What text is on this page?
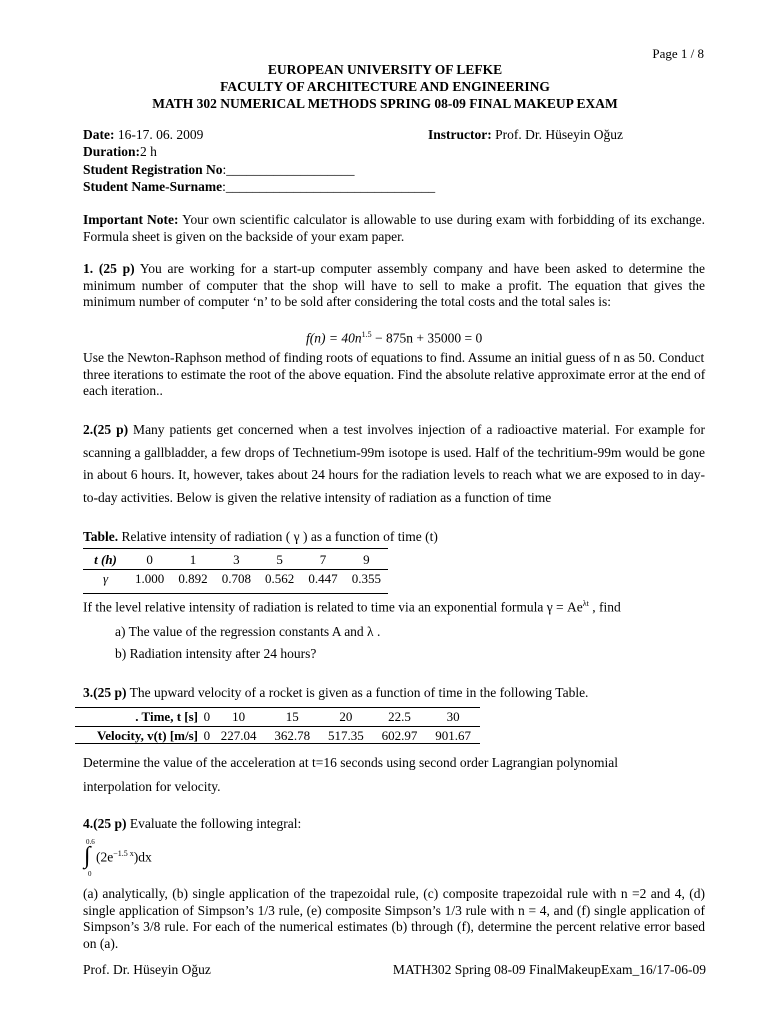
Page 1 / 8
EUROPEAN UNIVERSITY OF LEFKE
FACULTY OF ARCHITECTURE AND ENGINEERING
MATH 302 NUMERICAL METHODS SPRING 08-09 FINAL MAKEUP EXAM
Date: 16-17. 06. 2009	Instructor: Prof. Dr. Hüseyin Oğuz
Duration:2 h
Student Registration No:___________________
Student Name-Surname:_______________________________
Important Note: Your own scientific calculator is allowable to use during exam with forbidding of its exchange. Formula sheet is given on the backside of your exam paper.
1. (25 p) You are working for a start-up computer assembly company and have been asked to determine the minimum number of computer that the shop will have to sell to make a profit. The equation that gives the minimum number of computer ‘n’ to be sold after considering the total costs and the total sales is:
$f(n) = 40n^{1.5} - 875n + 35000 = 0$
Use the Newton-Raphson method of finding roots of equations to find. Assume an initial guess of n as 50. Conduct three iterations to estimate the root of the above equation. Find the absolute relative approximate error at the end of each iteration..
2.(25 p) Many patients get concerned when a test involves injection of a radioactive material. For example for scanning a gallbladder, a few drops of Technetium-99m isotope is used. Half of the techritium-99m would be gone in about 6 hours. It, however, takes about 24 hours for the radiation levels to reach what we are exposed to in day-to-day activities. Below is given the relative intensity of radiation as a function of time
Table. Relative intensity of radiation ( γ ) as a function of time (t)
t (h)	0	1	3	5	7	9
γ	1.000	0.892	0.708	0.562	0.447	0.355
If the level relative intensity of radiation is related to time via an exponential formula $\gamma = Ae^{\lambda t}$ , find
a) The value of the regression constants A and λ .
b) Radiation intensity after 24 hours?
3.(25 p) The upward velocity of a rocket is given as a function of time in the following Table.
. Time, t [s]	0	10	15	20	22.5	30
Velocity, v(t) [m/s]	0	227.04	362.78	517.35	602.97	901.67
Determine the value of the acceleration at t=16 seconds using second order Lagrangian polynomial interpolation for velocity.
4.(25 p) Evaluate the following integral:
0.6
∫
0
$(2e^{-1.5 x})dx$
(a) analytically, (b) single application of the trapezoidal rule, (c) composite trapezoidal rule with n =2 and 4, (d) single application of Simpson’s 1/3 rule, (e) composite Simpson’s 1/3 rule with n = 4, and (f) single application of Simpson’s 3/8 rule. For each of the numerical estimates (b) through (f), determine the percent relative error based on (a).
Prof. Dr. Hüseyin Oğuz	MATH302 Spring 08-09 FinalMakeupExam_16/17-06-09
